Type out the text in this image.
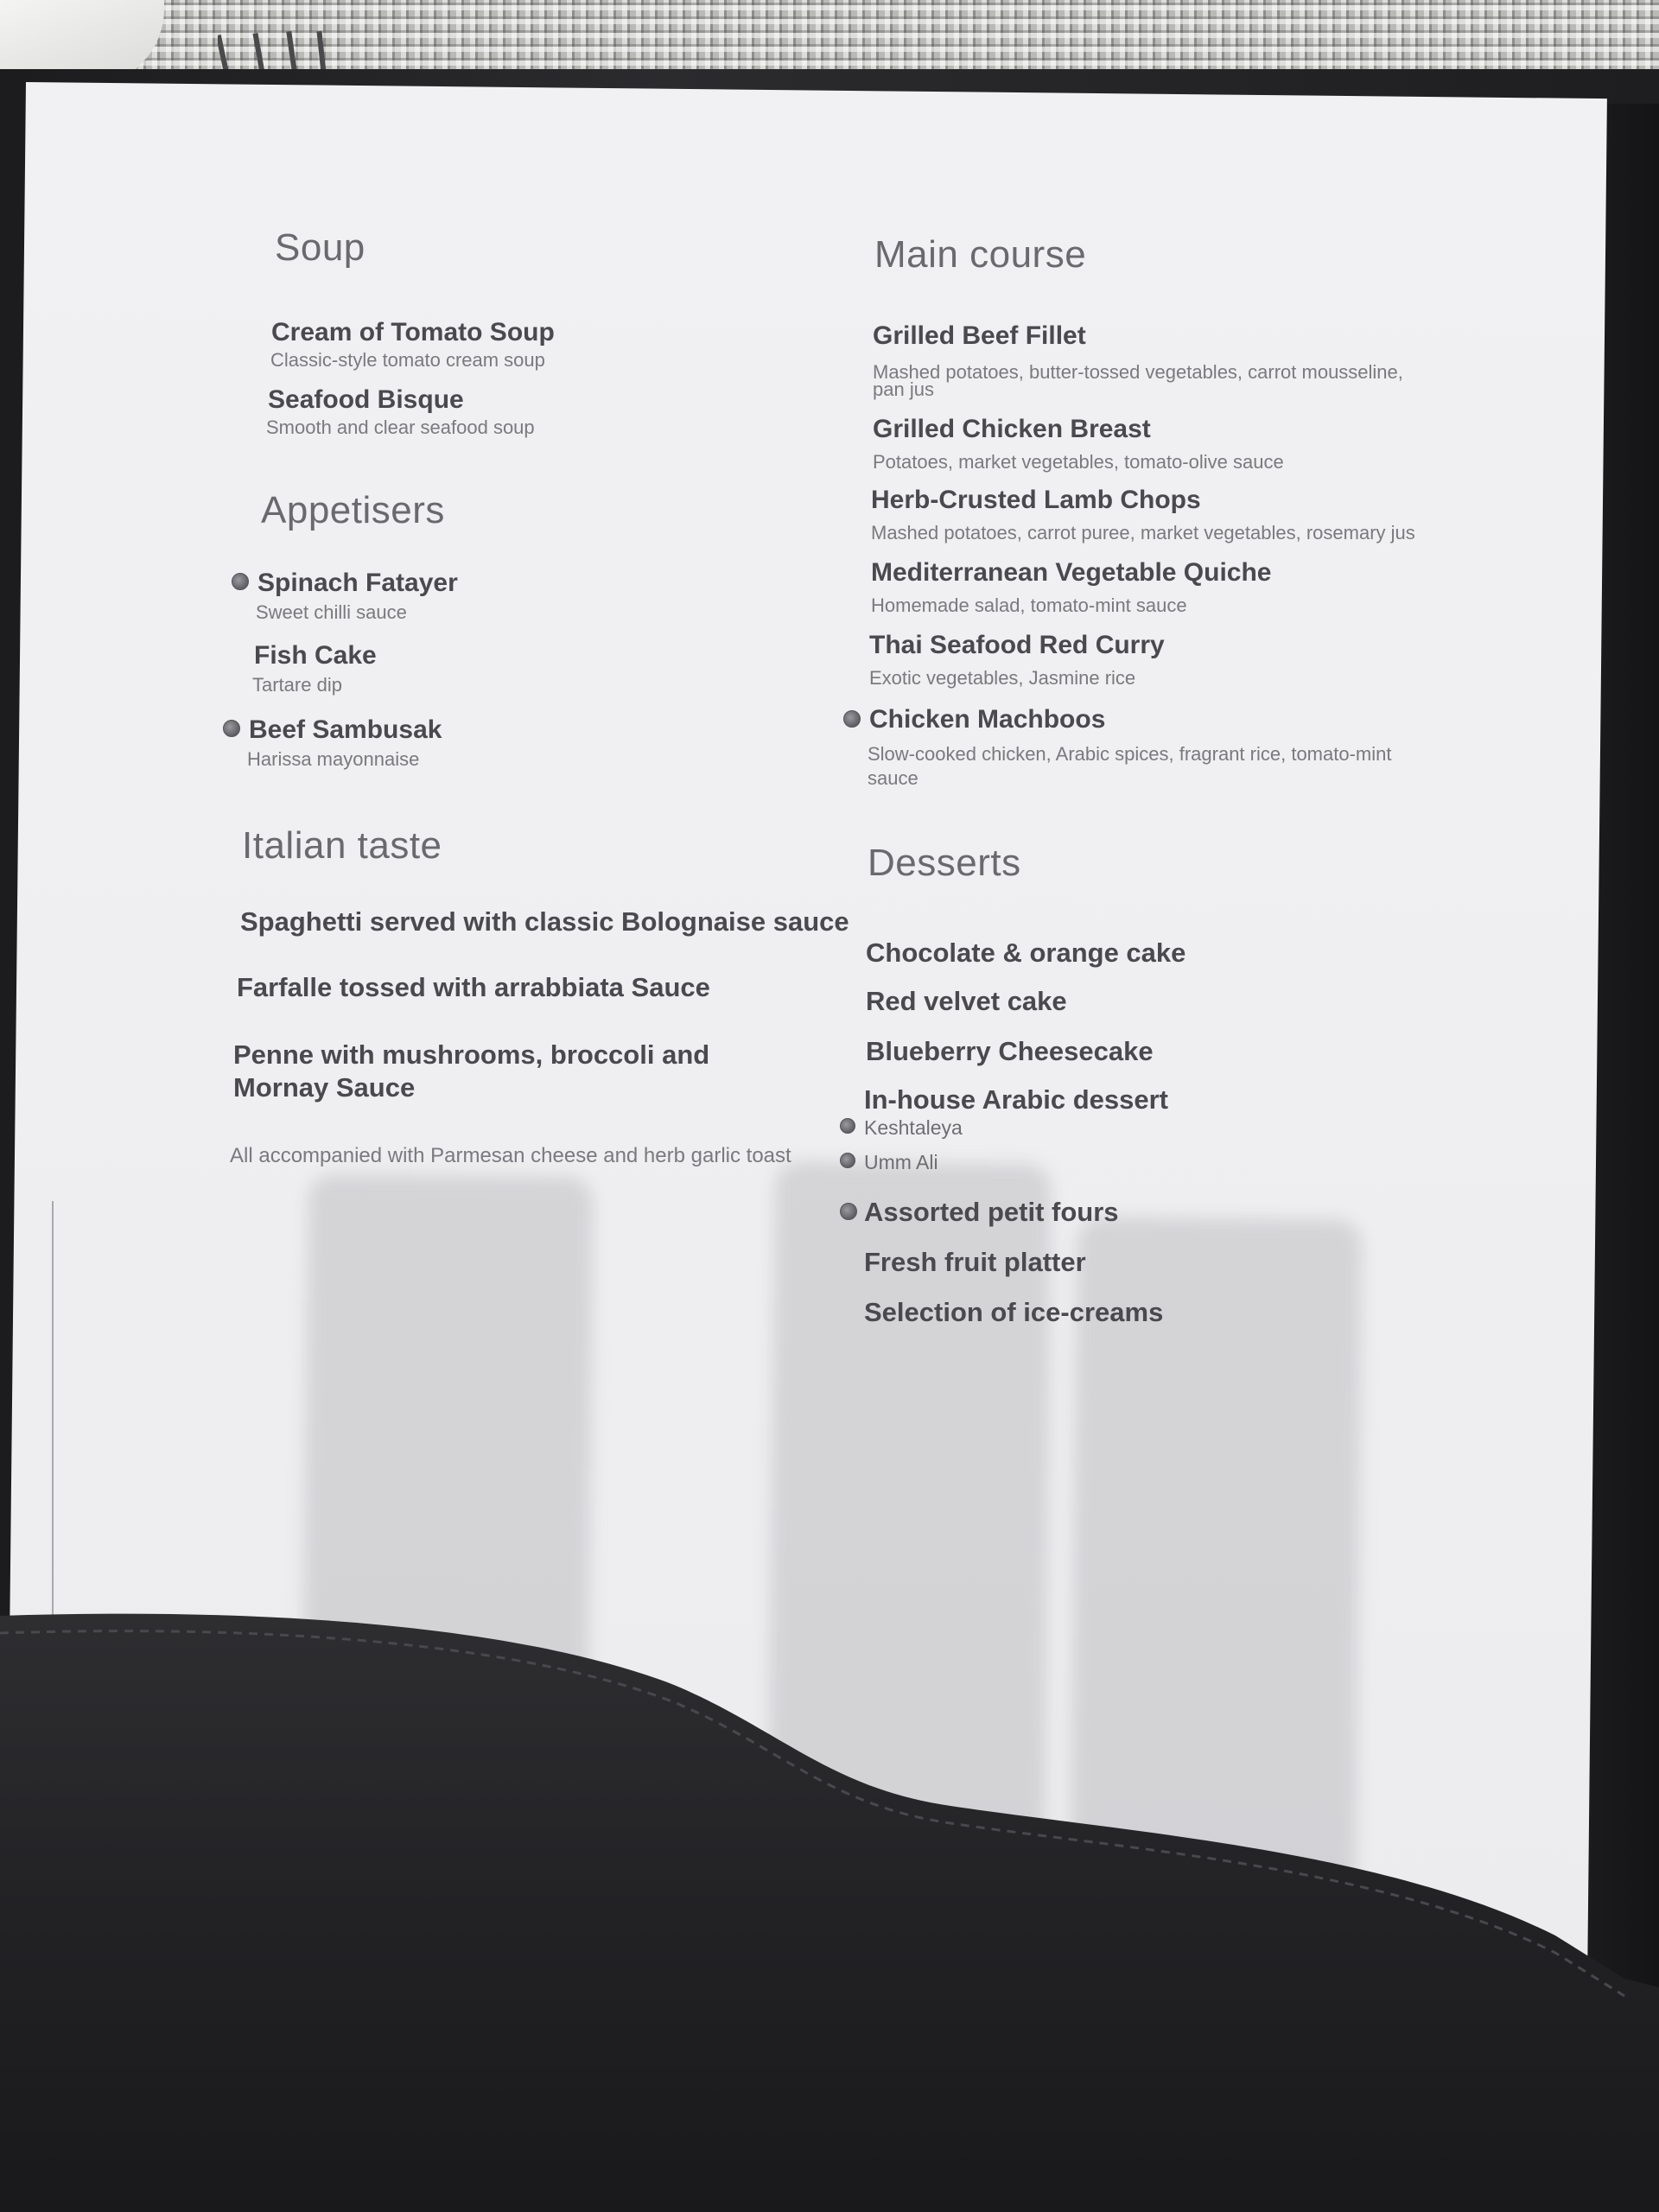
Soup
Cream of Tomato Soup
Classic-style tomato cream soup
Seafood Bisque
Smooth and clear seafood soup
Appetisers
Spinach Fatayer
Sweet chilli sauce
Fish Cake
Tartare dip
Beef Sambusak
Harissa mayonnaise
Italian taste
Spaghetti served with classic Bolognaise sauce
Farfalle tossed with arrabbiata Sauce
Penne with mushrooms, broccoli and Mornay Sauce
All accompanied with Parmesan cheese and herb garlic toast
Main course
Grilled Beef Fillet
Mashed potatoes, butter-tossed vegetables, carrot mousseline,
pan jus
Grilled Chicken Breast
Potatoes, market vegetables, tomato-olive sauce
Herb-Crusted Lamb Chops
Mashed potatoes, carrot puree, market vegetables, rosemary jus
Mediterranean Vegetable Quiche
Homemade salad, tomato-mint sauce
Thai Seafood Red Curry
Exotic vegetables, Jasmine rice
Chicken Machboos
Slow-cooked chicken, Arabic spices, fragrant rice, tomato-mint
sauce
Desserts
Chocolate & orange cake
Red velvet cake
Blueberry Cheesecake
In-house Arabic dessert
Keshtaleya
Umm Ali
Assorted petit fours
Fresh fruit platter
Selection of ice-creams
